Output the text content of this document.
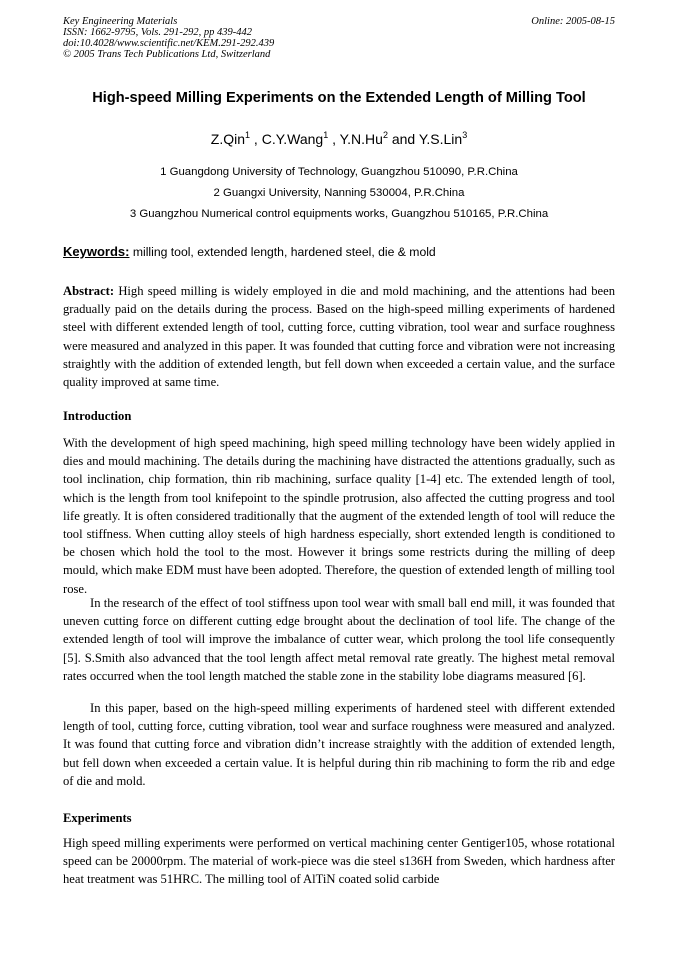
Key Engineering Materials
ISSN: 1662-9795, Vols. 291-292, pp 439-442
doi:10.4028/www.scientific.net/KEM.291-292.439
© 2005 Trans Tech Publications Ltd, Switzerland
Online: 2005-08-15
High-speed Milling Experiments on the Extended Length of Milling Tool
Z.Qin$^1$ , C.Y.Wang$^1$ , Y.N.Hu$^2$ and Y.S.Lin$^3$
1 Guangdong University of Technology, Guangzhou 510090, P.R.China
2 Guangxi University, Nanning 530004, P.R.China
3 Guangzhou Numerical control equipments works, Guangzhou 510165, P.R.China
Keywords: milling tool, extended length, hardened steel, die & mold
Abstract: High speed milling is widely employed in die and mold machining, and the attentions had been gradually paid on the details during the process. Based on the high-speed milling experiments of hardened steel with different extended length of tool, cutting force, cutting vibration, tool wear and surface roughness were measured and analyzed in this paper. It was founded that cutting force and vibration were not increasing straightly with the addition of extended length, but fell down when exceeded a certain value, and the surface quality improved at same time.
Introduction
With the development of high speed machining, high speed milling technology have been widely applied in dies and mould machining. The details during the machining have distracted the attentions gradually, such as tool inclination, chip formation, thin rib machining, surface quality [1-4] etc. The extended length of tool, which is the length from tool knifepoint to the spindle protrusion, also affected the cutting progress and tool life greatly. It is often considered traditionally that the augment of the extended length of tool will reduce the tool stiffness. When cutting alloy steels of high hardness especially, short extended length is conditioned to be chosen which hold the tool to the most. However it brings some restricts during the milling of deep mould, which make EDM must have been adopted. Therefore, the question of extended length of milling tool rose.
In the research of the effect of tool stiffness upon tool wear with small ball end mill, it was founded that uneven cutting force on different cutting edge brought about the declination of tool life. The change of the extended length of tool will improve the imbalance of cutter wear, which prolong the tool life consequently [5]. S.Smith also advanced that the tool length affect metal removal rate greatly. The highest metal removal rates occurred when the tool length matched the stable zone in the stability lobe diagrams measured [6].
In this paper, based on the high-speed milling experiments of hardened steel with different extended length of tool, cutting force, cutting vibration, tool wear and surface roughness were measured and analyzed. It was found that cutting force and vibration didn’t increase straightly with the addition of extended length, but fell down when exceeded a certain value. It is helpful during thin rib machining to form the rib and edge of die and mold.
Experiments
High speed milling experiments were performed on vertical machining center Gentiger105, whose rotational speed can be 20000rpm. The material of work-piece was die steel s136H from Sweden, which hardness after heat treatment was 51HRC. The milling tool of AlTiN coated solid carbide
